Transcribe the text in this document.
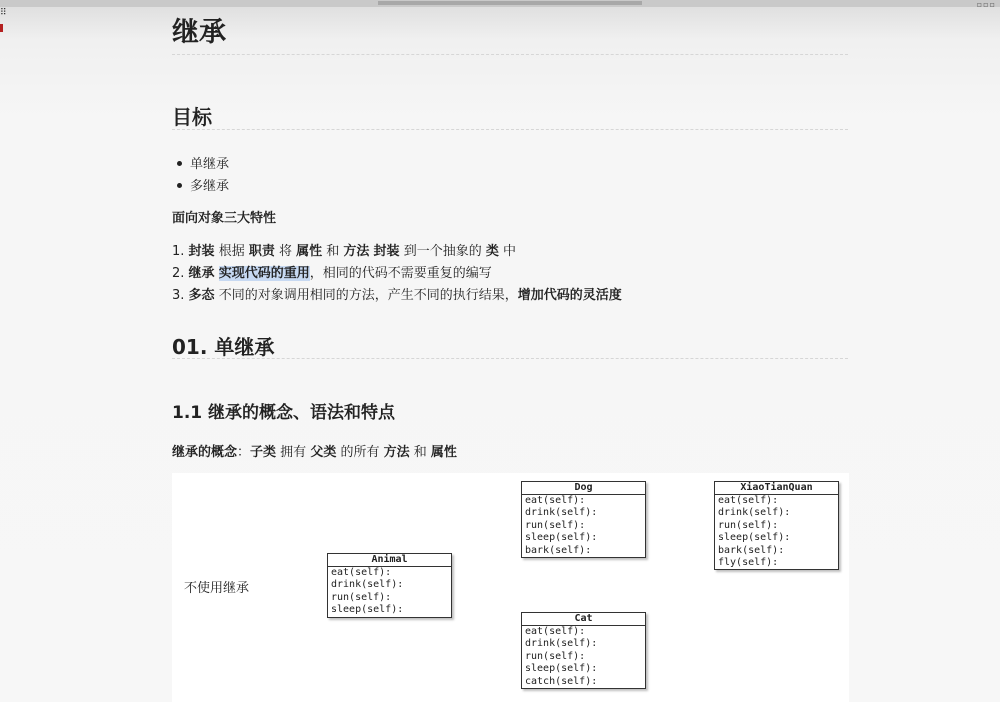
⠿
▫▫▫
继承
目标
单继承
多继承
面向对象三大特性
1. 封装 根据 职责 将 属性 和 方法 封装 到一个抽象的 类 中
2. 继承 实现代码的重用，相同的代码不需要重复的编写
3. 多态 不同的对象调用相同的方法，产生不同的执行结果，增加代码的灵活度
01. 单继承
1.1 继承的概念、语法和特点
继承的概念：子类 拥有 父类 的所有 方法 和 属性
不使用继承
Animal
eat(self):
drink(self):
run(self):
sleep(self):
Dog
eat(self):
drink(self):
run(self):
sleep(self):
bark(self):
Cat
eat(self):
drink(self):
run(self):
sleep(self):
catch(self):
XiaoTianQuan
eat(self):
drink(self):
run(self):
sleep(self):
bark(self):
fly(self):
